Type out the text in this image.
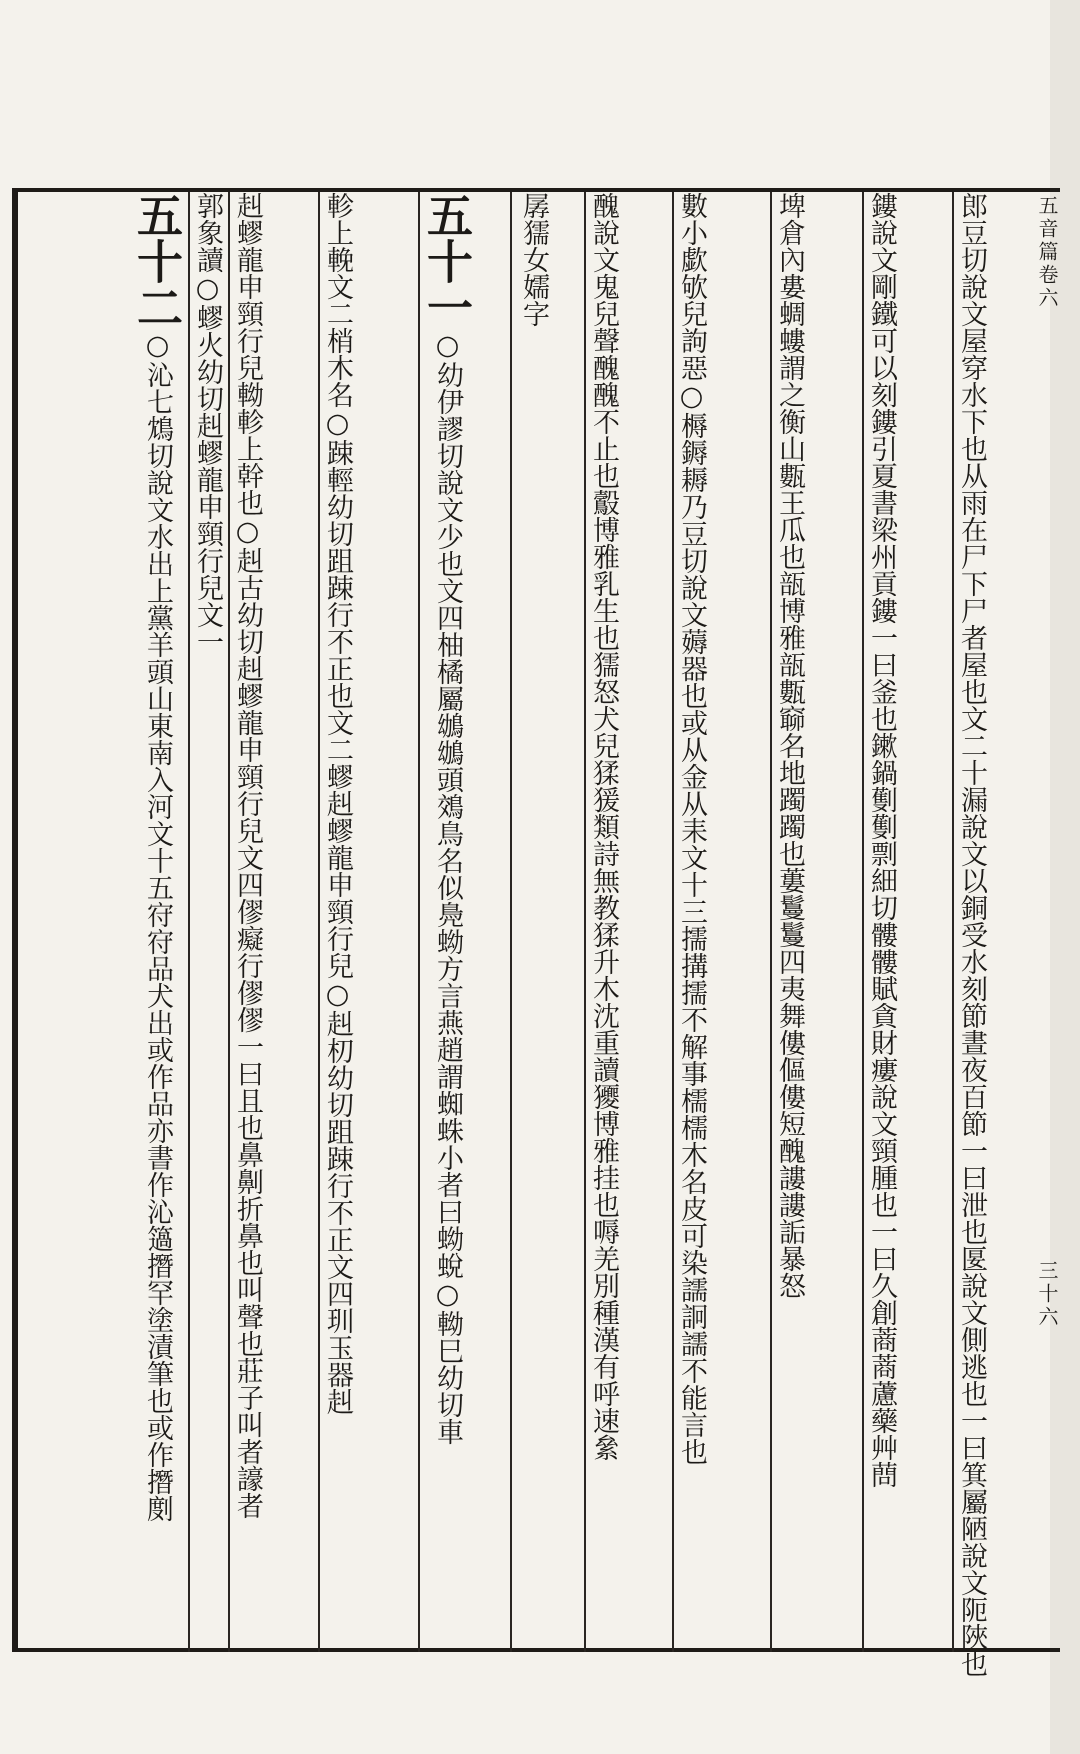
五音篇卷六
三十六
郎豆切說文屋穿水下也从雨在尸下尸者屋也文二十漏說文以銅受水刻節晝夜百節一曰泄也匽說文側逃也一曰箕屬陋說文阨陜也
鏤說文剛鐵可以刻鏤引夏書梁州貢鏤一曰釜也鏉鍋劐劐剽細切髏髏賦貪財瘻說文頸腫也一曰久創蔏蔏藘藥艸蔄
埤倉內婁蜩螻謂之衡山甊王瓜也瓿博雅瓿甊窷名地躅躅也蔞鬘鬘四夷舞僂傴僂短醜謱謱詬暴怒
數小歔欨兒訽惡○槈鎒耨乃豆切說文薅器也或从金从耒文十三擩搆擩不解事檽檽木名皮可染譳詗譳不能言也
醜說文鬼兒聲醜醜不止也鷇博雅乳生也獳怒犬兒猱猨類詩無教猱升木沈重讀獿博雅挂也嗕羌別種漢有呼速絫
孱獳女嬬字
五十一○幼伊謬切說文少也文四柚橘屬鴢鴢頭鵁鳥名似鳧蚴方言燕趙謂蜘蛛小者曰蚴蛻○軪巳幼切車
軫上輓文二梢木名○踈輕幼切跙踈行不正也文二蟉赳蟉龍申頸行兒○赳朷幼切跙踈行不正文四玔玉器赳
赳蟉龍申頸行兒軪軫上幹也○赳古幼切赳蟉龍申頸行兒文四僇癡行僇僇一曰且也鼻劓折鼻也叫聲也莊子叫者譹者
郭象讀○蟉火幼切赳蟉龍申頸行兒文一
五十二○沁七鴆切說文水出上黨羊頭山東南入河文十五𡧛𡧛品犬出或作品亦書作沁簻撍罕塗漬筆也或作撍剫
